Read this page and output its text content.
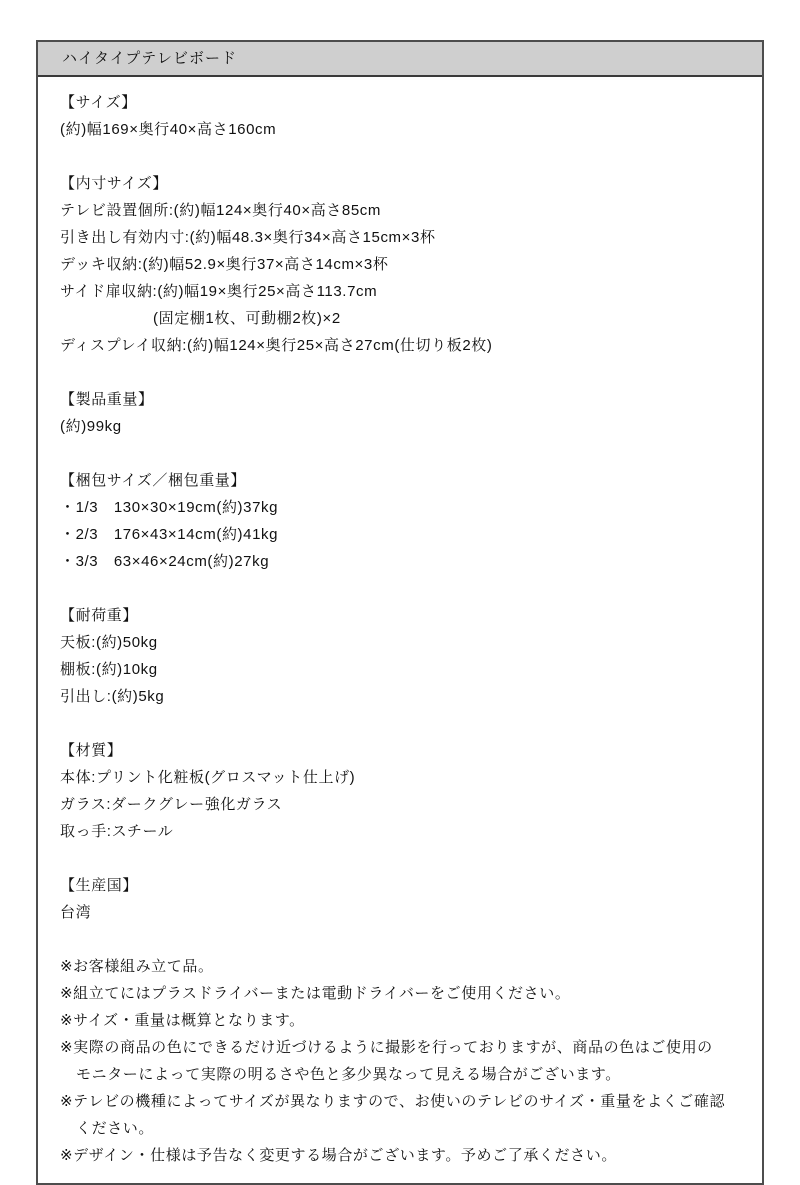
ハイタイプテレビボード
【サイズ】
(約)幅169×奥行40×高さ160cm
【内寸サイズ】
テレビ設置個所:(約)幅124×奥行40×高さ85cm
引き出し有効内寸:(約)幅48.3×奥行34×高さ15cm×3杯
デッキ収納:(約)幅52.9×奥行37×高さ14cm×3杯
サイド扉収納:(約)幅19×奥行25×高さ113.7cm
(固定棚1枚、可動棚2枚)×2
ディスプレイ収納:(約)幅124×奥行25×高さ27cm(仕切り板2枚)
【製品重量】
(約)99kg
【梱包サイズ／梱包重量】
・1/3　130×30×19cm(約)37kg
・2/3　176×43×14cm(約)41kg
・3/3　63×46×24cm(約)27kg
【耐荷重】
天板:(約)50kg
棚板:(約)10kg
引出し:(約)5kg
【材質】
本体:プリント化粧板(グロスマット仕上げ)
ガラス:ダークグレー強化ガラス
取っ手:スチール
【生産国】
台湾
※お客様組み立て品。
※組立てにはプラスドライバーまたは電動ドライバーをご使用ください。
※サイズ・重量は概算となります。
※実際の商品の色にできるだけ近づけるように撮影を行っておりますが、商品の色はご使用の
モニターによって実際の明るさや色と多少異なって見える場合がございます。
※テレビの機種によってサイズが異なりますので、お使いのテレビのサイズ・重量をよくご確認
ください。
※デザイン・仕様は予告なく変更する場合がございます。予めご了承ください。
